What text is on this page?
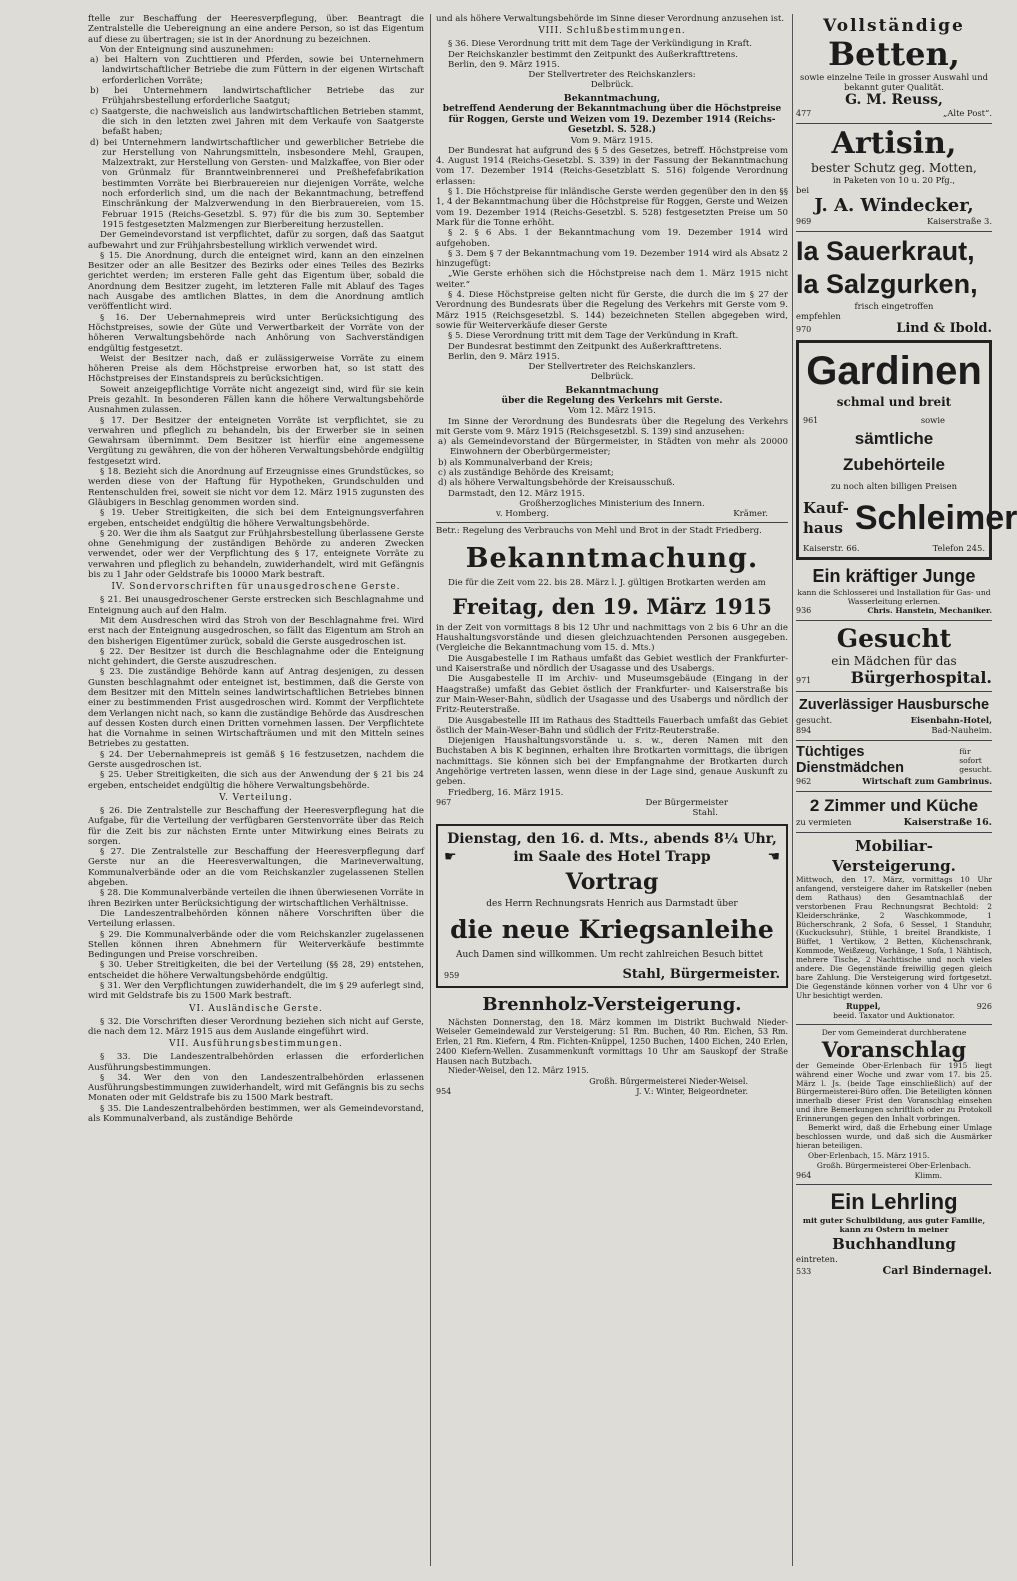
ftelle zur Beschaffung der Heeresverpflegung, über. Beantragt die Zentralstelle die Uebereignung an eine andere Person, so ist das Eigentum auf diese zu übertragen; sie ist in der Anordnung zu bezeichnen.

Von der Enteignung sind auszunehmen:

a) bei Haltern von Zuchttieren und Pferden, sowie bei Unternehmern landwirtschaftlicher Betriebe die zum Füttern in der eigenen Wirtschaft erforderlichen Vorräte;

b) bei Unternehmern landwirtschaftlicher Betriebe das zur Frühjahrsbestellung erforderliche Saatgut;

c) Saatgerste, die nachweislich aus landwirtschaftlichen Betrieben stammt, die sich in den letzten zwei Jahren mit dem Verkaufe von Saatgerste befaßt haben;

d) bei Unternehmern landwirtschaftlicher und gewerblicher Betriebe die zur Herstellung von Nahrungsmitteln, insbesondere Mehl, Graupen, Malzextrakt, zur Herstellung von Gersten- und Malzkaffee, von Bier oder von Grünmalz für Branntweinbrennerei und Preßhefefabrikation bestimmten Vorräte bei Bierbrauereien nur diejenigen Vorräte, welche noch erforderlich sind, um die nach der Bekanntmachung, betreffend Einschränkung der Malzverwendung in den Bierbrauereien, vom 15. Februar 1915 (Reichs-Gesetzbl. S. 97) für die bis zum 30. September 1915 festgesetzten Malzmengen zur Bierbereitung herzustellen.

Der Gemeindevorstand ist verpflichtet, dafür zu sorgen, daß das Saatgut aufbewahrt und zur Frühjahrsbestellung wirklich verwendet wird.

§ 15. Die Anordnung, durch die enteignet wird, kann an den einzelnen Besitzer oder an alle Besitzer des Bezirks oder eines Teiles des Bezirks gerichtet werden; im ersteren Falle geht das Eigentum über, sobald die Anordnung dem Besitzer zugeht, im letzteren Falle mit Ablauf des Tages nach Ausgabe des amtlichen Blattes, in dem die Anordnung amtlich veröffentlicht wird.

§ 16. Der Uebernahmepreis wird unter Berücksichtigung des Höchstpreises, sowie der Güte und Verwertbarkeit der Vorräte von der höheren Verwaltungsbehörde nach Anhörung von Sachverständigen endgültig festgesetzt.

Weist der Besitzer nach, daß er zulässigerweise Vorräte zu einem höheren Preise als dem Höchstpreise erworben hat, so ist statt des Höchstpreises der Einstandspreis zu berücksichtigen.

Soweit anzeigepflichtige Vorräte nicht angezeigt sind, wird für sie kein Preis gezahlt. In besonderen Fällen kann die höhere Verwaltungsbehörde Ausnahmen zulassen.

§ 17. Der Besitzer der enteigneten Vorräte ist verpflichtet, sie zu verwahren und pfleglich zu behandeln, bis der Erwerber sie in seinen Gewahrsam übernimmt. Dem Besitzer ist hierfür eine angemessene Vergütung zu gewähren, die von der höheren Verwaltungsbehörde endgültig festgesetzt wird.

§ 18. Bezieht sich die Anordnung auf Erzeugnisse eines Grundstückes, so werden diese von der Haftung für Hypotheken, Grundschulden und Rentenschulden frei, soweit sie nicht vor dem 12. März 1915 zugunsten des Gläubigers in Beschlag genommen worden sind.

§ 19. Ueber Streitigkeiten, die sich bei dem Enteignungsverfahren ergeben, entscheidet endgültig die höhere Verwaltungsbehörde.

§ 20. Wer die ihm als Saatgut zur Frühjahrsbestellung überlassene Gerste ohne Genehmigung der zuständigen Behörde zu anderen Zwecken verwendet, oder wer der Verpflichtung des § 17, enteignete Vorräte zu verwahren und pfleglich zu behandeln, zuwiderhandelt, wird mit Gefängnis bis zu 1 Jahr oder Geldstrafe bis 10000 Mark bestraft.

IV. Sondervorschriften für unausgedroschene Gerste.

§ 21. Bei unausgedroschener Gerste erstrecken sich Beschlagnahme und Enteignung auch auf den Halm.

Mit dem Ausdreschen wird das Stroh von der Beschlagnahme frei. Wird erst nach der Enteignung ausgedroschen, so fällt das Eigentum am Stroh an den bisherigen Eigentümer zurück, sobald die Gerste ausgedroschen ist.

§ 22. Der Besitzer ist durch die Beschlagnahme oder die Enteignung nicht gehindert, die Gerste auszudreschen.

§ 23. Die zuständige Behörde kann auf Antrag desjenigen, zu dessen Gunsten beschlagnahmt oder enteignet ist, bestimmen, daß die Gerste von dem Besitzer mit den Mitteln seines landwirtschaftlichen Betriebes binnen einer zu bestimmenden Frist ausgedroschen wird. Kommt der Verpflichtete dem Verlangen nicht nach, so kann die zuständige Behörde das Ausdreschen auf dessen Kosten durch einen Dritten vornehmen lassen. Der Verpflichtete hat die Vornahme in seinen Wirtschafträumen und mit den Mitteln seines Betriebes zu gestatten.

§ 24. Der Uebernahmepreis ist gemäß § 16 festzusetzen, nachdem die Gerste ausgedroschen ist.

§ 25. Ueber Streitigkeiten, die sich aus der Anwendung der § 21 bis 24 ergeben, entscheidet endgültig die höhere Verwaltungsbehörde.

V. Verteilung.

§ 26. Die Zentralstelle zur Beschaffung der Heeresverpflegung hat die Aufgabe, für die Verteilung der verfügbaren Gerstenvorräte über das Reich für die Zeit bis zur nächsten Ernte unter Mitwirkung eines Beirats zu sorgen.

§ 27. Die Zentralstelle zur Beschaffung der Heeresverpflegung darf Gerste nur an die Heeresverwaltungen, die Marineverwaltung, Kommunalverbände oder an die vom Reichskanzler zugelassenen Stellen abgeben.

§ 28. Die Kommunalverbände verteilen die ihnen überwiesenen Vorräte in ihren Bezirken unter Berücksichtigung der wirtschaftlichen Verhältnisse.

Die Landeszentralbehörden können nähere Vorschriften über die Verteilung erlassen.

§ 29. Die Kommunalverbände oder die vom Reichskanzler zugelassenen Stellen können ihren Abnehmern für Weiterverkäufe bestimmte Bedingungen und Preise vorschreiben.

§ 30. Ueber Streitigkeiten, die bei der Verteilung (§§ 28, 29) entstehen, entscheidet die höhere Verwaltungsbehörde endgültig.

§ 31. Wer den Verpflichtungen zuwiderhandelt, die im § 29 auferlegt sind, wird mit Geldstrafe bis zu 1500 Mark bestraft.

VI. Ausländische Gerste.

§ 32. Die Vorschriften dieser Verordnung beziehen sich nicht auf Gerste, die nach dem 12. März 1915 aus dem Auslande eingeführt wird.

VII. Ausführungsbestimmungen.

§ 33. Die Landeszentralbehörden erlassen die erforderlichen Ausführungsbestimmungen.

§ 34. Wer den von den Landeszentralbehörden erlassenen Ausführungsbestimmungen zuwiderhandelt, wird mit Gefängnis bis zu sechs Monaten oder mit Geldstrafe bis zu 1500 Mark bestraft.

§ 35. Die Landeszentralbehörden bestimmen, wer als Gemeindevorstand, als Kommunalverband, als zuständige Behörde

und als höhere Verwaltungsbehörde im Sinne dieser Verordnung anzusehen ist.

VIII. Schlußbestimmungen.

§ 36. Diese Verordnung tritt mit dem Tage der Verkündigung in Kraft.

Der Reichskanzler bestimmt den Zeitpunkt des Außerkrafttretens.

Berlin, den 9. März 1915.

Der Stellvertreter des Reichskanzlers:

Delbrück.

Bekanntmachung,

betreffend Aenderung der Bekanntmachung über die Höchstpreise für Roggen, Gerste und Weizen vom 19. Dezember 1914 (Reichs-Gesetzbl. S. 528.)

Vom 9. März 1915.

Der Bundesrat hat aufgrund des § 5 des Gesetzes, betreff. Höchstpreise vom 4. August 1914 (Reichs-Gesetzbl. S. 339) in der Fassung der Bekanntmachung vom 17. Dezember 1914 (Reichs-Gesetzblatt S. 516) folgende Verordnung erlassen:

§ 1. Die Höchstpreise für inländische Gerste werden gegenüber den in den §§ 1, 4 der Bekanntmachung über die Höchstpreise für Roggen, Gerste und Weizen vom 19. Dezember 1914 (Reichs-Gesetzbl. S. 528) festgesetzten Preise um 50 Mark für die Tonne erhöht.

§ 2. § 6 Abs. 1 der Bekanntmachung vom 19. Dezember 1914 wird aufgehoben.

§ 3. Dem § 7 der Bekanntmachung vom 19. Dezember 1914 wird als Absatz 2 hinzugefügt:

„Wie Gerste erhöhen sich die Höchstpreise nach dem 1. März 1915 nicht weiter.“

§ 4. Diese Höchstpreise gelten nicht für Gerste, die durch die im § 27 der Verordnung des Bundesrats über die Regelung des Verkehrs mit Gerste vom 9. März 1915 (Reichsgesetzbl. S. 144) bezeichneten Stellen abgegeben wird, sowie für Weiterverkäufe dieser Gerste

§ 5. Diese Verordnung tritt mit dem Tage der Verkündung in Kraft.

Der Bundesrat bestimmt den Zeitpunkt des Außerkrafttretens.

Berlin, den 9. März 1915.

Der Stellvertreter des Reichskanzlers.

Delbrück.

Bekanntmachung

über die Regelung des Verkehrs mit Gerste.

Vom 12. März 1915.

Im Sinne der Verordnung des Bundesrats über die Regelung des Verkehrs mit Gerste vom 9. März 1915 (Reichsgesetzbl. S. 139) sind anzusehen:

a) als Gemeindevorstand der Bürgermeister, in Städten von mehr als 20000 Einwohnern der Oberbürgermeister;

b) als Kommunalverband der Kreis;

c) als zuständige Behörde des Kreisamt;

d) als höhere Verwaltungsbehörde der Kreisausschuß.

Darmstadt, den 12. März 1915.

Großherzogliches Ministerium des Innern.

v. Homberg.	Krämer.

Betr.: Regelung des Verbrauchs von Mehl und Brot in der Stadt Friedberg.

Bekanntmachung.

Die für die Zeit vom 22. bis 28. März l. J. gültigen Brotkarten werden am

Freitag, den 19. März 1915

in der Zeit von vormittags 8 bis 12 Uhr und nachmittags von 2 bis 6 Uhr an die Haushaltungsvorstände und diesen gleichzuachtenden Personen ausgegeben. (Vergleiche die Bekanntmachung vom 15. d. Mts.)

Die Ausgabestelle I im Rathaus umfaßt das Gebiet westlich der Frankfurter- und Kaiserstraße und nördlich der Usagasse und des Usabergs.

Die Ausgabestelle II im Archiv- und Museumsgebäude (Eingang in der Haagstraße) umfaßt das Gebiet östlich der Frankfurter- und Kaiserstraße bis zur Main-Weser-Bahn, südlich der Usagasse und des Usabergs und nördlich der Fritz-Reuterstraße.

Die Ausgabestelle III im Rathaus des Stadtteils Fauerbach umfaßt das Gebiet östlich der Main-Weser-Bahn und südlich der Fritz-Reuterstraße.

Diejenigen Haushaltungsvorstände u. s. w., deren Namen mit den Buchstaben A bis K beginnen, erhalten ihre Brotkarten vormittags, die übrigen nachmittags. Sie können sich bei der Empfangnahme der Brotkarten durch Angehörige vertreten lassen, wenn diese in der Lage sind, genaue Auskunft zu geben.

Friedberg, 16. März 1915.

967	Der Bürgermeister

Stahl.

Dienstag, den 16. d. Mts., abends 8¼ Uhr,
☛	im Saale des Hotel Trapp	☚
Vortrag
des Herrn Rechnungsrats Henrich aus Darmstadt über
die neue Kriegsanleihe

Auch Damen sind willkommen. Um recht zahlreichen Besuch bittet

959	Stahl, Bürgermeister.
Brennholz-Versteigerung.

Nächsten Donnerstag, den 18. März kommen im Distrikt Buchwald Nieder-Weiseler Gemeindewald zur Versteigerung: 51 Rm. Buchen, 40 Rm. Eichen, 53 Rm. Erlen, 21 Rm. Kiefern, 4 Rm. Fichten-Knüppel, 1250 Buchen, 1400 Eichen, 240 Erlen, 2400 Kiefern-Wellen. Zusammenkunft vormittags 10 Uhr am Sauskopf der Straße Hausen nach Butzbach.

Nieder-Weisel, den 12. März 1915.

Großh. Bürgermeisterei Nieder-Weisel.

954	J. V.: Winter, Beigeordneter.
Vollständige
Betten,

sowie einzelne Teile in grosser Auswahl und bekannt guter Qualität.

G. M. Reuss,
477	„Alte Post“.
Artisin,
bester Schutz geg. Motten,
in Paketen von 10 u. 20 Pfg.,
bei
J. A. Windecker,
969	Kaiserstraße 3.
Ia Sauerkraut,
Ia Salzgurken,
frisch eingetroffen
empfehlen
970	Lind & Ibold.
Gardinen
schmal und breit
961	sowie
sämtliche Zubehörteile
zu noch alten billigen Preisen
Kauf-
haus Schleimer
Kaiserstr. 66.	Telefon 245.
Ein kräftiger Junge

kann die Schlosserei und Installation für Gas- und Wasserleitung erlernen.

936	Chris. Hanstein, Mechaniker.
Gesucht
ein Mädchen für das
971 Bürgerhospital.
Zuverlässiger Hausbursche
gesucht.	Eisenbahn-Hotel,
894	Bad-Nauheim.
Tüchtiges Dienstmädchen
für sofort gesucht.
962	Wirtschaft zum Gambrinus.
2 Zimmer und Küche
zu vermieten	Kaiserstraße 16.
Mobiliar-Versteigerung.

Mittwoch, den 17. März, vormittags 10 Uhr anfangend, versteigere daher im Ratskeller (neben dem Rathaus) den Gesamtnachlaß der verstorbenen Frau Rechnungsrat Bechtold: 2 Kleiderschränke, 2 Waschkommode, 1 Bücherschrank, 2 Sofa, 6 Sessel, 1 Standuhr, (Kuckucksuhr), Stühle, 1 breitel Brandkiste, 1 Büffet, 1 Vertikow, 2 Betten, Küchenschrank, Kommode, Weißzeug, Vorhänge, 1 Sofa, 1 Nähtisch, mehrere Tische, 2 Nachttische und noch vieles andere. Die Gegenstände freiwillig gegen gleich bare Zahlung. Die Versteigerung wird fortgesetzt. Die Gegenstände können vorher von 4 Uhr vor 6 Uhr besichtigt werden.

Ruppel,	926
beeid. Taxator und Auktionator.
Der vom Gemeinderat durchberatene
Voranschlag

der Gemeinde Ober-Erlenbach für 1915 liegt während einer Woche und zwar vom 17. bis 25. März l. Js. (beide Tage einschließlich) auf der Bürgermeisterei-Büro offen. Die Beteiligten können innerhalb dieser Frist den Voranschlag einsehen und ihre Bemerkungen schriftlich oder zu Protokoll Erinnerungen gegen den Inhalt vorbringen.

Bemerkt wird, daß die Erhebung einer Umlage beschlossen wurde, und daß sich die Ausmärker hieran beteiligen.

Ober-Erlenbach, 15. März 1915.

Großh. Bürgermeisterei Ober-Erlenbach.

964	Klimm.
Ein Lehrling

mit guter Schulbildung, aus guter Familie, kann zu Ostern in meiner

Buchhandlung
eintreten.
533	Carl Bindernagel.
